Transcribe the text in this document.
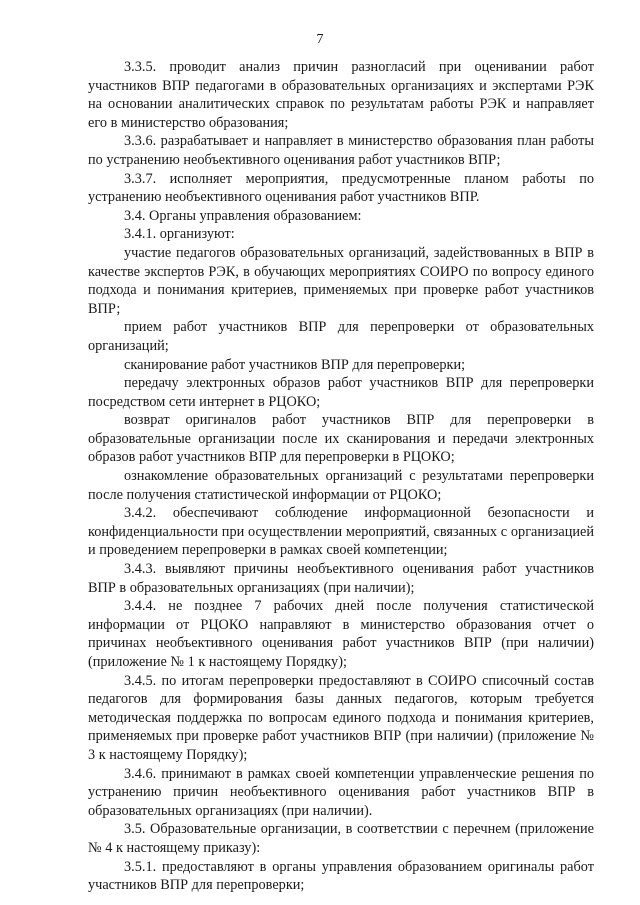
7

3.3.5. проводит анализ причин разногласий при оценивании работ участников ВПР педагогами в образовательных организациях и экспертами РЭК на основании аналитических справок по результатам работы РЭК и направляет его в министерство образования;

3.3.6. разрабатывает и направляет в министерство образования план работы по устранению необъективного оценивания работ участников ВПР;

3.3.7. исполняет мероприятия, предусмотренные планом работы по устранению необъективного оценивания работ участников ВПР.

3.4. Органы управления образованием:

3.4.1. организуют:

участие педагогов образовательных организаций, задействованных в ВПР в качестве экспертов РЭК, в обучающих мероприятиях СОИРО по вопросу единого подхода и понимания критериев, применяемых при проверке работ участников ВПР;

прием работ участников ВПР для перепроверки от образовательных организаций;

сканирование работ участников ВПР для перепроверки;

передачу электронных образов работ участников ВПР для перепроверки посредством сети интернет в РЦОКО;

возврат оригиналов работ участников ВПР для перепроверки в образовательные организации после их сканирования и передачи электронных образов работ участников ВПР для перепроверки в РЦОКО;

ознакомление образовательных организаций с результатами перепроверки после получения статистической информации от РЦОКО;

3.4.2. обеспечивают соблюдение информационной безопасности и конфиденциальности при осуществлении мероприятий, связанных с организацией и проведением перепроверки в рамках своей компетенции;

3.4.3. выявляют причины необъективного оценивания работ участников ВПР в образовательных организациях (при наличии);

3.4.4. не позднее 7 рабочих дней после получения статистической информации от РЦОКО направляют в министерство образования отчет о причинах необъективного оценивания работ участников ВПР (при наличии) (приложение № 1 к настоящему Порядку);

3.4.5. по итогам перепроверки предоставляют в СОИРО списочный состав педагогов для формирования базы данных педагогов, которым требуется методическая поддержка по вопросам единого подхода и понимания критериев, применяемых при проверке работ участников ВПР (при наличии) (приложение № 3 к настоящему Порядку);

3.4.6. принимают в рамках своей компетенции управленческие решения по устранению причин необъективного оценивания работ участников ВПР в образовательных организациях (при наличии).

3.5. Образовательные организации, в соответствии с перечнем (приложение № 4 к настоящему приказу):

3.5.1. предоставляют в органы управления образованием оригиналы работ участников ВПР для перепроверки;
